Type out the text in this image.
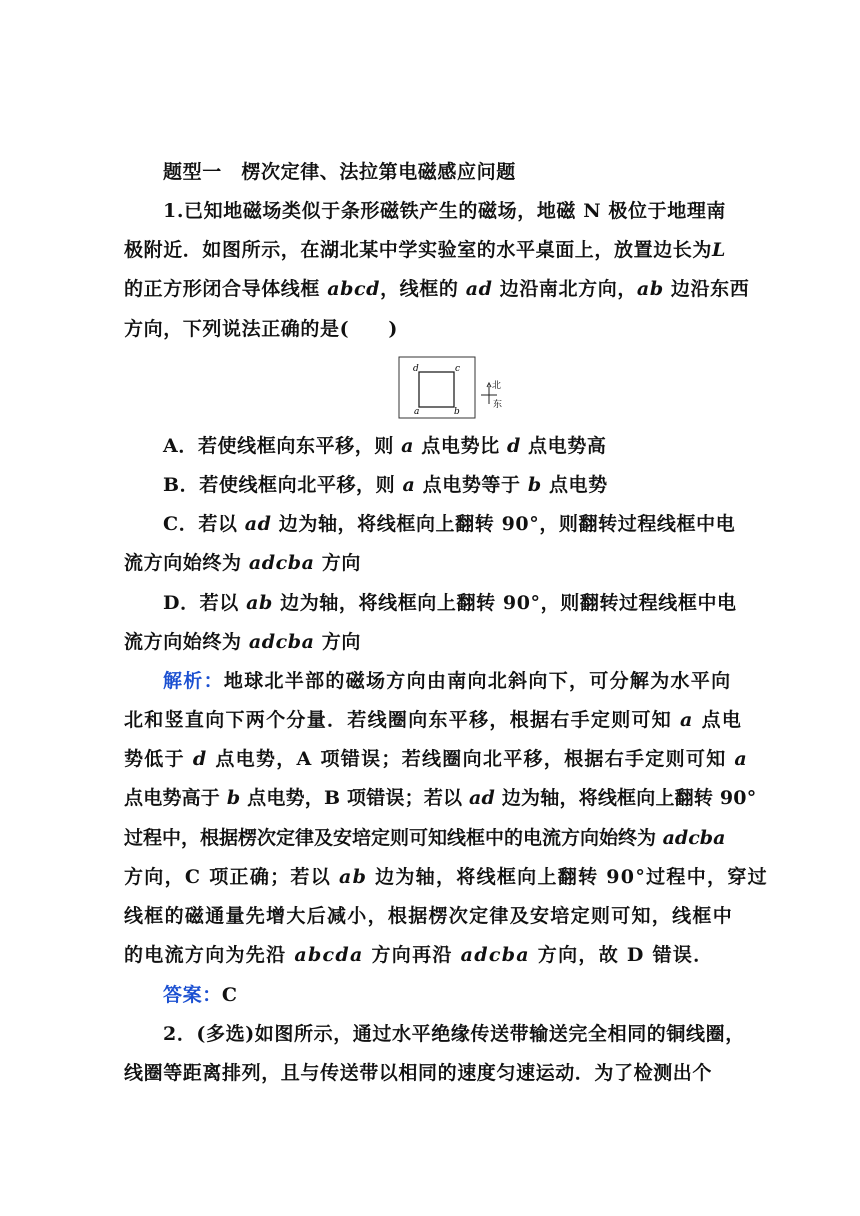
题型一　楞次定律、法拉第电磁感应问题
1.已知地磁场类似于条形磁铁产生的磁场，地磁 N 极位于地理南
极附近．如图所示，在湖北某中学实验室的水平桌面上，放置边长为L
的正方形闭合导体线框 abcd，线框的 ad 边沿南北方向，ab 边沿东西
方向，下列说法正确的是(　　)
d	c
a	b
北
东
A．若使线框向东平移，则 a 点电势比 d 点电势高
B．若使线框向北平移，则 a 点电势等于 b 点电势
C．若以 ad 边为轴，将线框向上翻转 90°，则翻转过程线框中电
流方向始终为 adcba 方向
D．若以 ab 边为轴，将线框向上翻转 90°，则翻转过程线框中电
流方向始终为 adcba 方向
解析：地球北半部的磁场方向由南向北斜向下，可分解为水平向
北和竖直向下两个分量．若线圈向东平移，根据右手定则可知 a 点电
势低于 d 点电势，A 项错误；若线圈向北平移，根据右手定则可知 a
点电势高于 b 点电势，B 项错误；若以 ad 边为轴，将线框向上翻转 90°
过程中，根据楞次定律及安培定则可知线框中的电流方向始终为 adcba
方向，C 项正确；若以 ab 边为轴，将线框向上翻转 90°过程中，穿过
线框的磁通量先增大后减小，根据楞次定律及安培定则可知，线框中
的电流方向为先沿 abcda 方向再沿 adcba 方向，故 D 错误．
答案：C
2．(多选)如图所示，通过水平绝缘传送带输送完全相同的铜线圈，
线圈等距离排列，且与传送带以相同的速度匀速运动．为了检测出个
